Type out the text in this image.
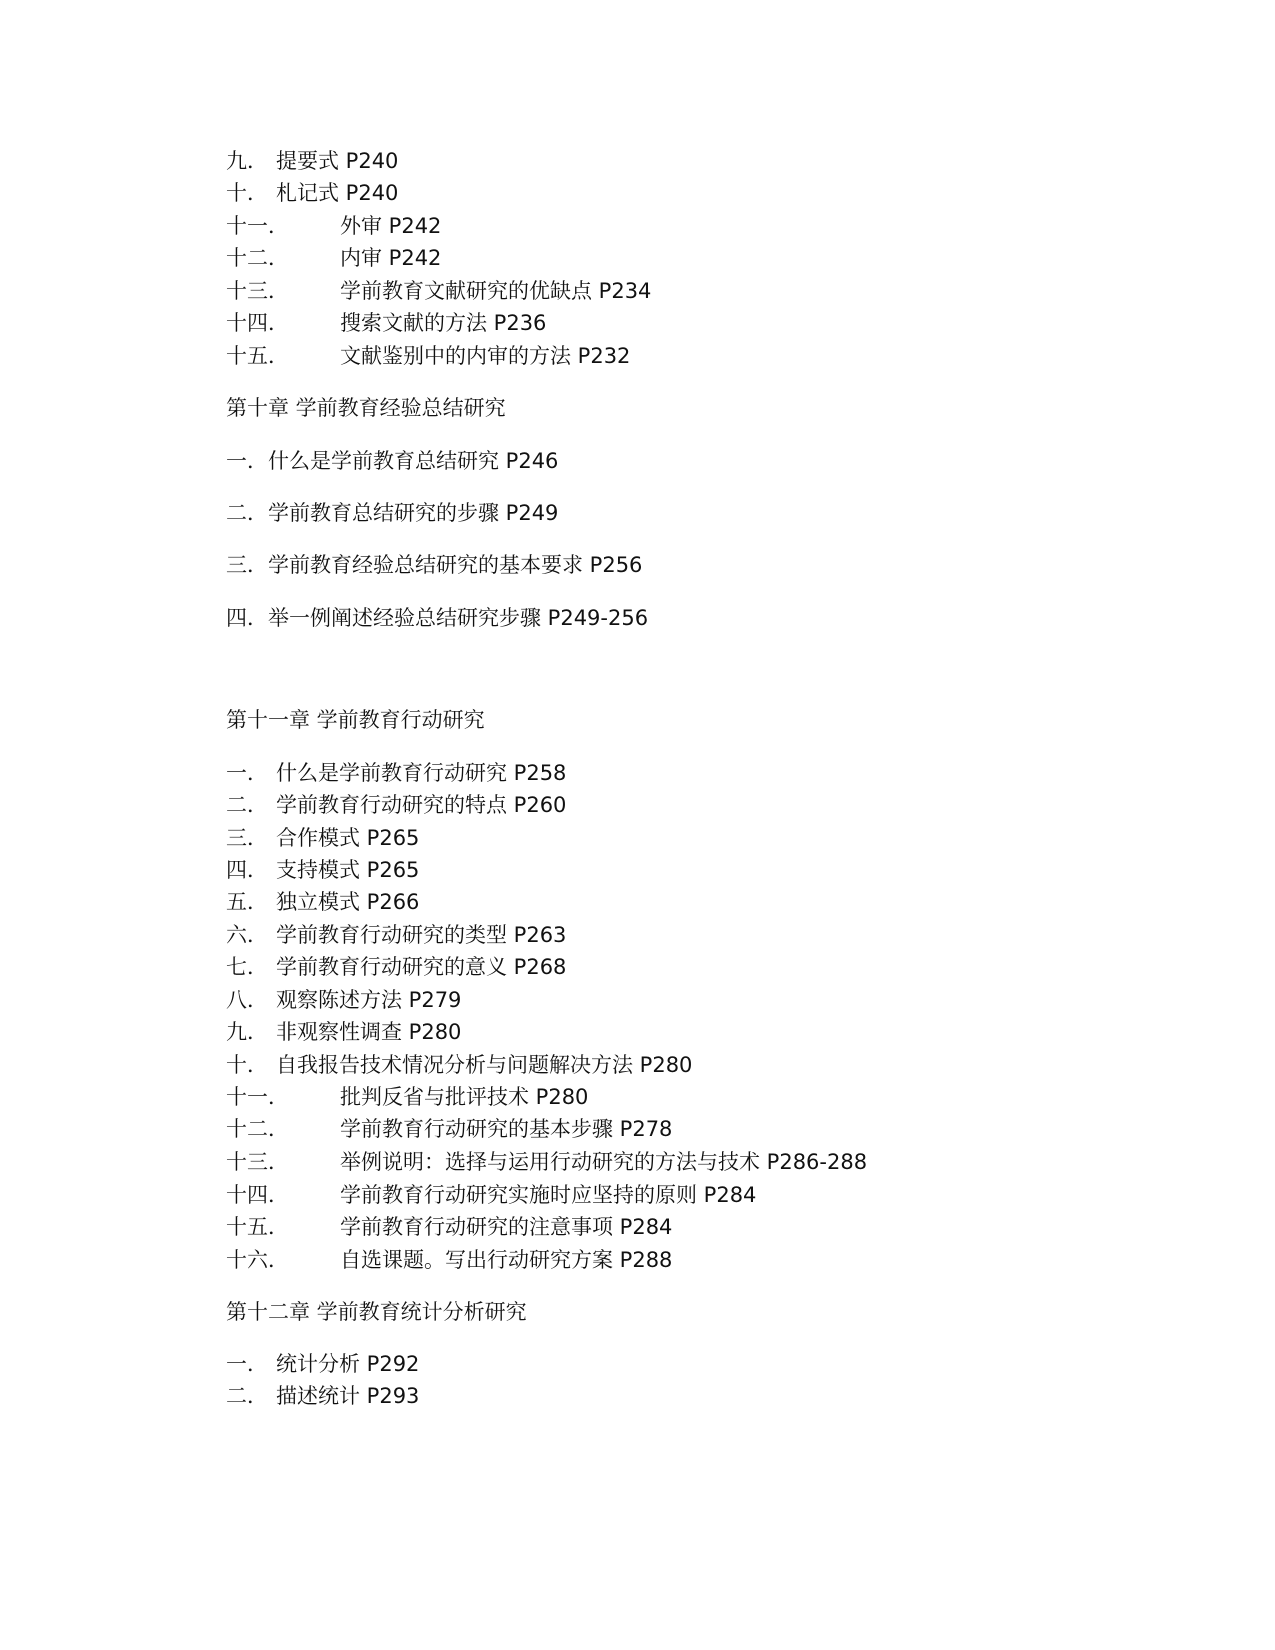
九． 提要式 P240
十． 札记式 P240
十一． 外审 P242
十二． 内审 P242
十三． 学前教育文献研究的优缺点 P234
十四． 搜索文献的方法 P236
十五． 文献鉴别中的内审的方法 P232
第十章 学前教育经验总结研究
一．什么是学前教育总结研究 P246
二．学前教育总结研究的步骤 P249
三．学前教育经验总结研究的基本要求 P256
四．举一例阐述经验总结研究步骤 P249-256
第十一章 学前教育行动研究
一． 什么是学前教育行动研究 P258
二． 学前教育行动研究的特点 P260
三． 合作模式 P265
四． 支持模式 P265
五． 独立模式 P266
六． 学前教育行动研究的类型 P263
七． 学前教育行动研究的意义 P268
八． 观察陈述方法 P279
九． 非观察性调查 P280
十． 自我报告技术情况分析与问题解决方法 P280
十一． 批判反省与批评技术 P280
十二． 学前教育行动研究的基本步骤 P278
十三． 举例说明：选择与运用行动研究的方法与技术 P286-288
十四． 学前教育行动研究实施时应坚持的原则 P284
十五． 学前教育行动研究的注意事项 P284
十六． 自选课题。写出行动研究方案 P288
第十二章 学前教育统计分析研究
一． 统计分析 P292
二． 描述统计 P293
